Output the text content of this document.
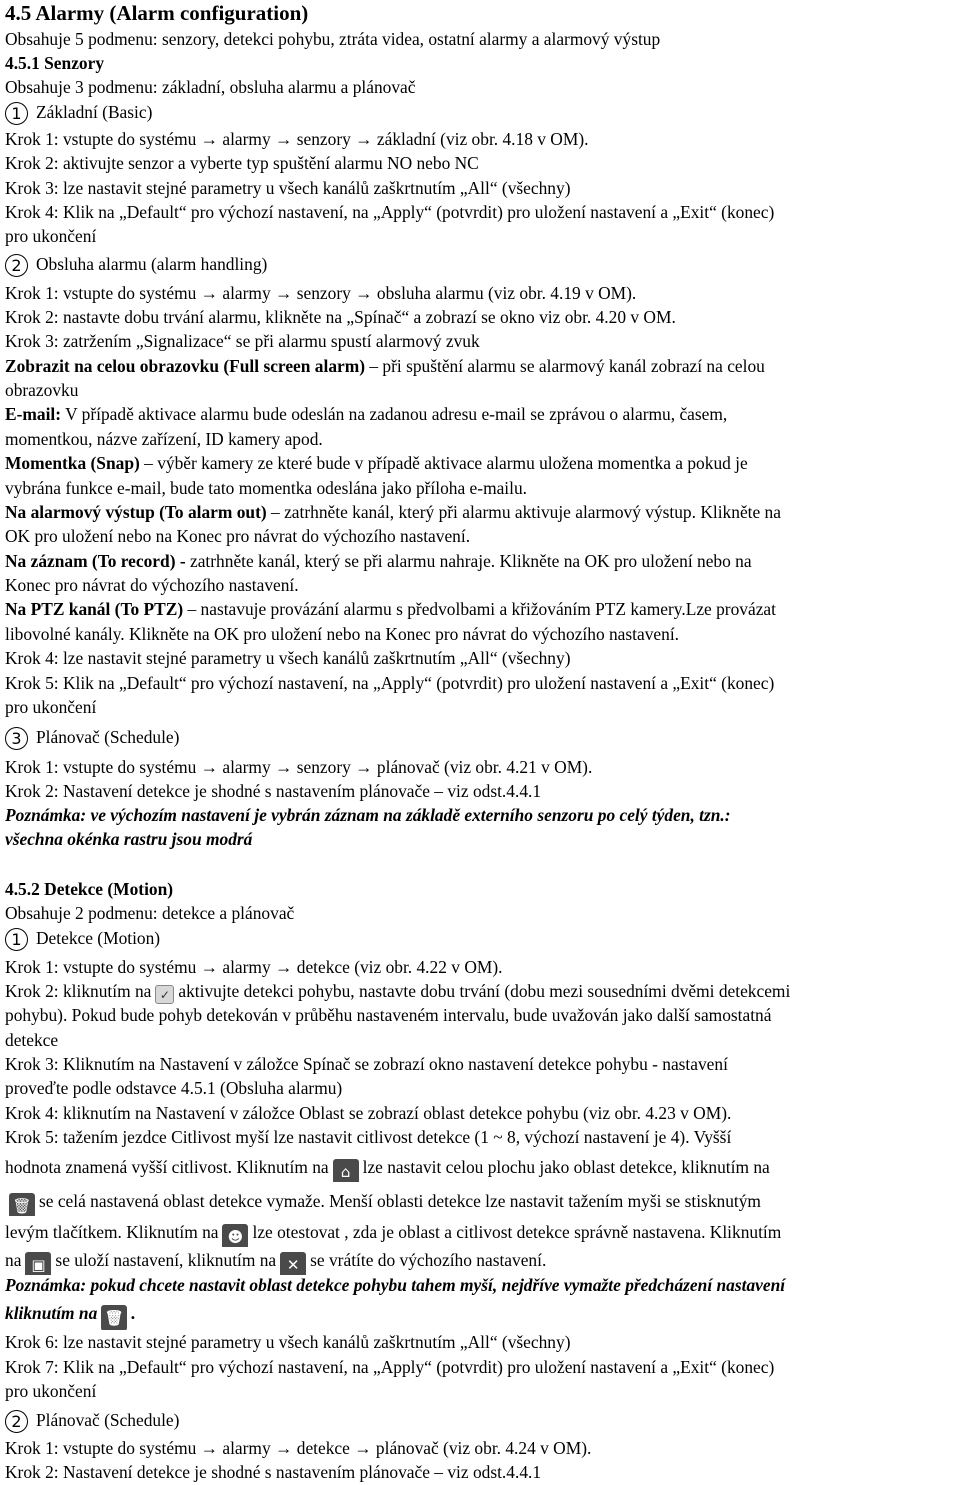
4.5 Alarmy (Alarm configuration)
Obsahuje 5 podmenu: senzory, detekci pohybu, ztráta videa, ostatní alarmy a alarmový výstup
4.5.1 Senzory
Obsahuje 3 podmenu: základní, obsluha alarmu a plánovač
1 Základní (Basic)
Krok 1: vstupte do systému → alarmy → senzory → základní (viz obr. 4.18 v OM).
Krok 2: aktivujte senzor a vyberte typ spuštění alarmu NO nebo NC
Krok 3: lze nastavit stejné parametry u všech kanálů zaškrtnutím „All“ (všechny)
Krok 4: Klik na „Default“ pro výchozí nastavení, na „Apply“ (potvrdit) pro uložení nastavení a „Exit“ (konec)
pro ukončení
2 Obsluha alarmu (alarm handling)
Krok 1: vstupte do systému → alarmy → senzory → obsluha alarmu (viz obr. 4.19 v OM).
Krok 2: nastavte dobu trvání alarmu, klikněte na „Spínač“ a zobrazí se okno viz obr. 4.20 v OM.
Krok 3: zatržením „Signalizace“ se při alarmu spustí alarmový zvuk
Zobrazit na celou obrazovku (Full screen alarm) – při spuštění alarmu se alarmový kanál zobrazí na celou
obrazovku
E-mail: V případě aktivace alarmu bude odeslán na zadanou adresu e-mail se zprávou o alarmu, časem,
momentkou, názve zařízení, ID kamery apod.
Momentka (Snap) – výběr kamery ze které bude v případě aktivace alarmu uložena momentka a pokud je
vybrána funkce e-mail, bude tato momentka odeslána jako příloha e-mailu.
Na alarmový výstup (To alarm out) – zatrhněte kanál, který při alarmu aktivuje alarmový výstup. Klikněte na
OK pro uložení nebo na Konec pro návrat do výchozího nastavení.
Na záznam (To record) - zatrhněte kanál, který se při alarmu nahraje. Klikněte na OK pro uložení nebo na
Konec pro návrat do výchozího nastavení.
Na PTZ kanál (To PTZ) – nastavuje provázání alarmu s předvolbami a křižováním PTZ kamery.Lze provázat
libovolné kanály. Klikněte na OK pro uložení nebo na Konec pro návrat do výchozího nastavení.
Krok 4: lze nastavit stejné parametry u všech kanálů zaškrtnutím „All“ (všechny)
Krok 5: Klik na „Default“ pro výchozí nastavení, na „Apply“ (potvrdit) pro uložení nastavení a „Exit“ (konec)
pro ukončení
3 Plánovač (Schedule)
Krok 1: vstupte do systému → alarmy → senzory → plánovač (viz obr. 4.21 v OM).
Krok 2: Nastavení detekce je shodné s nastavením plánovače – viz odst.4.4.1
Poznámka: ve výchozím nastavení je vybrán záznam na základě externího senzoru po celý týden, tzn.:
všechna okénka rastru jsou modrá
4.5.2 Detekce (Motion)
Obsahuje 2 podmenu: detekce a plánovač
1 Detekce (Motion)
Krok 1: vstupte do systému → alarmy → detekce (viz obr. 4.22 v OM).
Krok 2: kliknutím na ✓ aktivujte detekci pohybu, nastavte dobu trvání (dobu mezi sousedními dvěmi detekcemi
pohybu). Pokud bude pohyb detekován v průběhu nastaveném intervalu, bude uvažován jako další samostatná
detekce
Krok 3: Kliknutím na Nastavení v záložce Spínač se zobrazí okno nastavení detekce pohybu - nastavení
proveďte podle odstavce 4.5.1 (Obsluha alarmu)
Krok 4: kliknutím na Nastavení v záložce Oblast se zobrazí oblast detekce pohybu (viz obr. 4.23 v OM).
Krok 5: tažením jezdce Citlivost myší lze nastavit citlivost detekce (1 ~ 8, výchozí nastavení je 4). Vyšší
hodnota znamená vyšší citlivost. Kliknutím na ⌂ lze nastavit celou plochu jako oblast detekce, kliknutím na
🗑 se celá nastavená oblast detekce vymaže. Menší oblasti detekce lze nastavit tažením myši se stisknutým
levým tlačítkem. Kliknutím na ☻ lze otestovat , zda je oblast a citlivost detekce správně nastavena. Kliknutím
na ▣ se uloží nastavení, kliknutím na ✕ se vrátíte do výchozího nastavení.
Poznámka: pokud chcete nastavit oblast detekce pohybu tahem myší, nejdříve vymažte předcházení nastavení
kliknutím na 🗑 .
Krok 6: lze nastavit stejné parametry u všech kanálů zaškrtnutím „All“ (všechny)
Krok 7: Klik na „Default“ pro výchozí nastavení, na „Apply“ (potvrdit) pro uložení nastavení a „Exit“ (konec)
pro ukončení
2 Plánovač (Schedule)
Krok 1: vstupte do systému → alarmy → detekce → plánovač (viz obr. 4.24 v OM).
Krok 2: Nastavení detekce je shodné s nastavením plánovače – viz odst.4.4.1
